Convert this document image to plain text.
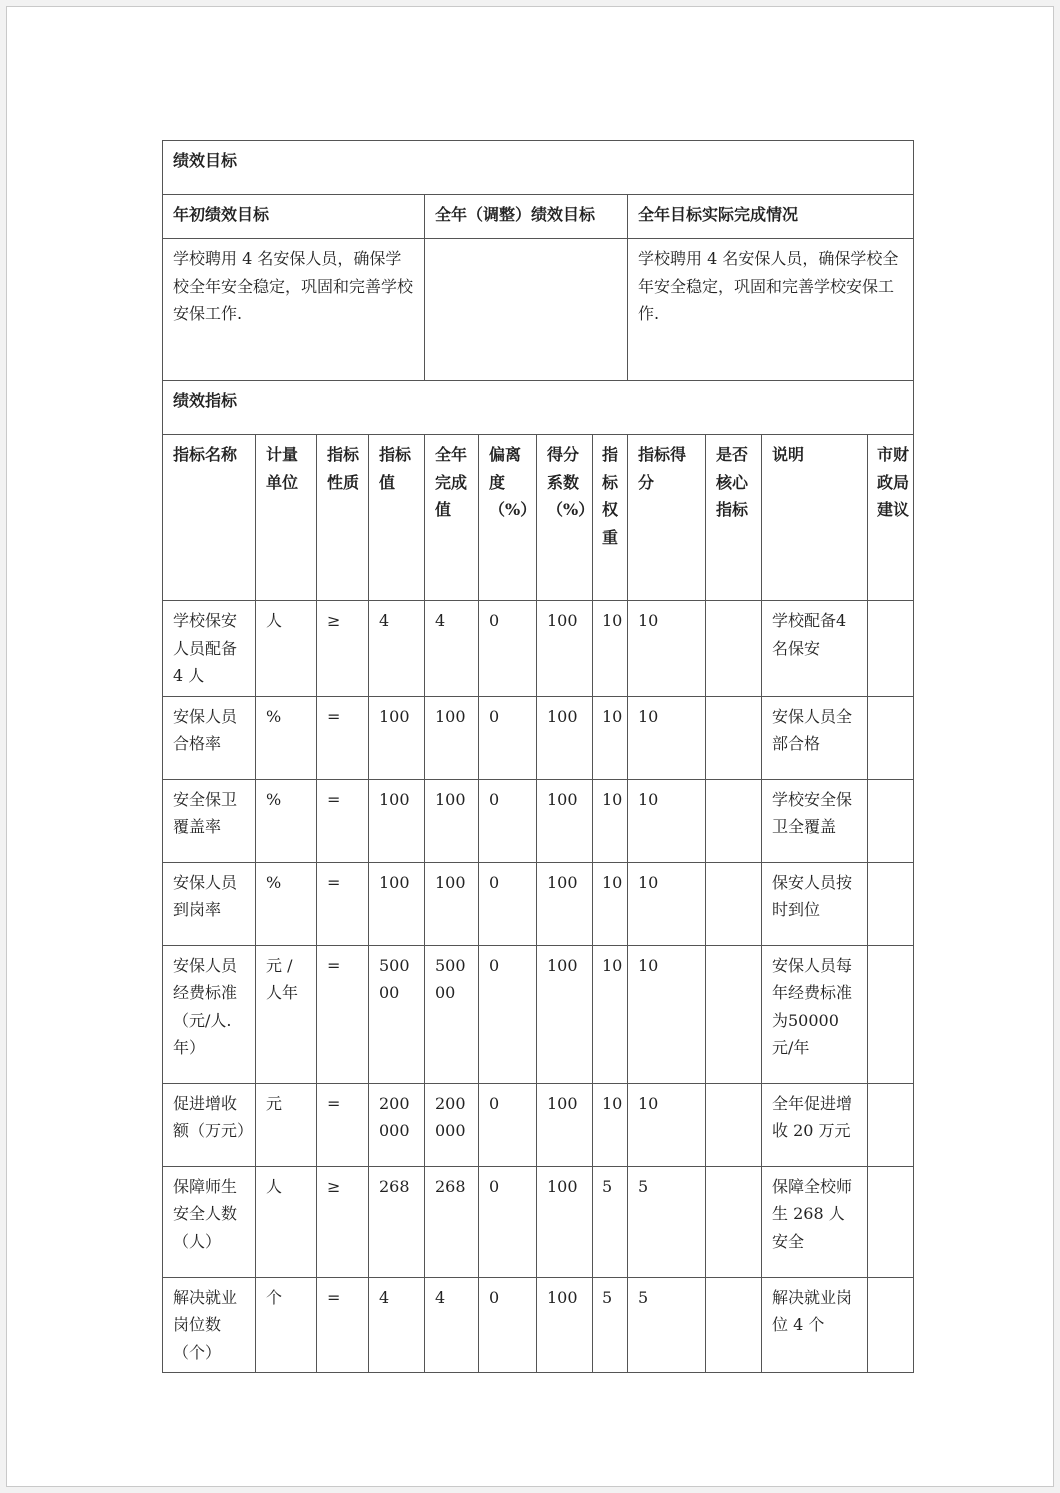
绩效目标											
年初绩效目标				全年（调整）绩效目标				全年目标实际完成情况			
学校聘用 4 名安保人员，确保学校全年安全稳定，巩固和完善学校安保工作.								学校聘用 4 名安保人员，确保学校全年安全稳定，巩固和完善学校安保工作.			
绩效指标											
指标名称	计量单位	指标性质	指标值	全年完成值	偏离度（%）	得分系数（%）	指标权重	指标得分	是否核心指标	说明	市财政局建议
学校保安人员配备 4 人	人	≥	4	4	0	100	10	10		学校配备4名保安	
安保人员合格率	%	=	100	100	0	100	10	10		安保人员全部合格	
安全保卫覆盖率	%	=	100	100	0	100	10	10		学校安全保卫全覆盖	
安保人员到岗率	%	=	100	100	0	100	10	10		保安人员按时到位	
安保人员经费标准（元/人.年）	元 /人年	=	50000	50000	0	100	10	10		安保人员每年经费标准为50000 元/年	
促进增收额（万元）	元	=	200000	200000	0	100	10	10		全年促进增收 20 万元	
保障师生安全人数（人）	人	≥	268	268	0	100	5	5		保障全校师生 268 人安全	
解决就业岗位数（个）	个	=	4	4	0	100	5	5		解决就业岗位 4 个	
